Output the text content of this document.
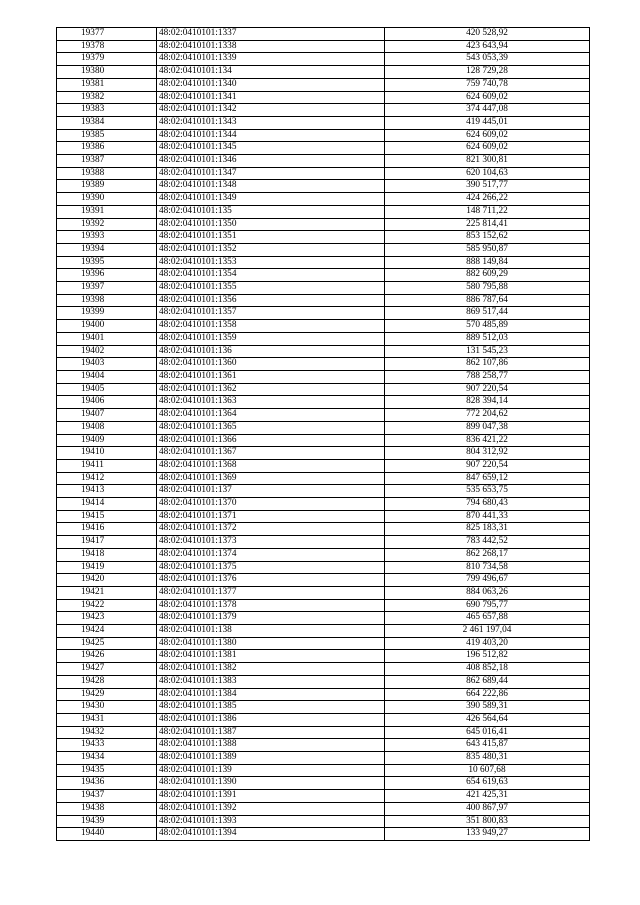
19377	48:02:0410101:1337	420 528,92
19378	48:02:0410101:1338	423 643,94
19379	48:02:0410101:1339	543 053,39
19380	48:02:0410101:134	128 729,28
19381	48:02:0410101:1340	759 740,78
19382	48:02:0410101:1341	624 609,02
19383	48:02:0410101:1342	374 447,08
19384	48:02:0410101:1343	419 445,01
19385	48:02:0410101:1344	624 609,02
19386	48:02:0410101:1345	624 609,02
19387	48:02:0410101:1346	821 300,81
19388	48:02:0410101:1347	620 104,63
19389	48:02:0410101:1348	390 517,77
19390	48:02:0410101:1349	424 266,22
19391	48:02:0410101:135	148 711,22
19392	48:02:0410101:1350	225 814,41
19393	48:02:0410101:1351	853 152,62
19394	48:02:0410101:1352	585 950,87
19395	48:02:0410101:1353	888 149,84
19396	48:02:0410101:1354	882 609,29
19397	48:02:0410101:1355	580 795,88
19398	48:02:0410101:1356	886 787,64
19399	48:02:0410101:1357	869 517,44
19400	48:02:0410101:1358	570 485,89
19401	48:02:0410101:1359	889 512,03
19402	48:02:0410101:136	131 545,23
19403	48:02:0410101:1360	862 107,86
19404	48:02:0410101:1361	788 258,77
19405	48:02:0410101:1362	907 220,54
19406	48:02:0410101:1363	828 394,14
19407	48:02:0410101:1364	772 204,62
19408	48:02:0410101:1365	899 047,38
19409	48:02:0410101:1366	836 421,22
19410	48:02:0410101:1367	804 312,92
19411	48:02:0410101:1368	907 220,54
19412	48:02:0410101:1369	847 659,12
19413	48:02:0410101:137	535 653,75
19414	48:02:0410101:1370	794 680,43
19415	48:02:0410101:1371	870 441,33
19416	48:02:0410101:1372	825 183,31
19417	48:02:0410101:1373	783 442,52
19418	48:02:0410101:1374	862 268,17
19419	48:02:0410101:1375	810 734,58
19420	48:02:0410101:1376	799 496,67
19421	48:02:0410101:1377	884 063,26
19422	48:02:0410101:1378	690 795,77
19423	48:02:0410101:1379	465 657,88
19424	48:02:0410101:138	2 461 197,04
19425	48:02:0410101:1380	419 403,20
19426	48:02:0410101:1381	196 512,82
19427	48:02:0410101:1382	408 852,18
19428	48:02:0410101:1383	862 689,44
19429	48:02:0410101:1384	664 222,86
19430	48:02:0410101:1385	390 589,31
19431	48:02:0410101:1386	426 564,64
19432	48:02:0410101:1387	645 016,41
19433	48:02:0410101:1388	643 415,87
19434	48:02:0410101:1389	835 480,31
19435	48:02:0410101:139	10 607,68
19436	48:02:0410101:1390	654 619,63
19437	48:02:0410101:1391	421 425,31
19438	48:02:0410101:1392	400 867,97
19439	48:02:0410101:1393	351 800,83
19440	48:02:0410101:1394	133 949,27
